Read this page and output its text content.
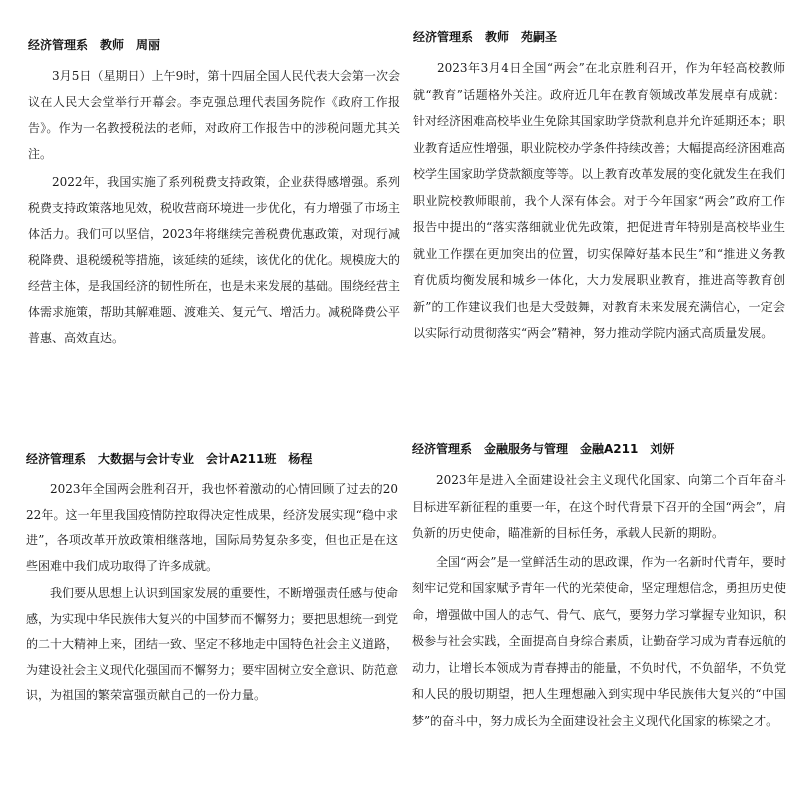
经济管理系　教师　周丽

3月5日（星期日）上午9时，第十四届全国人民代表大会第一次会议在人民大会堂举行开幕会。李克强总理代表国务院作《政府工作报告》。作为一名教授税法的老师，对政府工作报告中的涉税问题尤其关注。

2022年，我国实施了系列税费支持政策，企业获得感增强。系列税费支持政策落地见效，税收营商环境进一步优化，有力增强了市场主体活力。我们可以坚信，2023年将继续完善税费优惠政策，对现行减税降费、退税缓税等措施，该延续的延续，该优化的优化。规模庞大的经营主体，是我国经济的韧性所在，也是未来发展的基础。围绕经营主体需求施策，帮助其解难题、渡难关、复元气、增活力。减税降费公平普惠、高效直达。

经济管理系　教师　苑嗣圣

2023年3月4日全国“两会”在北京胜利召开，作为年轻高校教师就“教育”话题格外关注。政府近几年在教育领域改革发展卓有成就：针对经济困难高校毕业生免除其国家助学贷款利息并允许延期还本；职业教育适应性增强，职业院校办学条件持续改善；大幅提高经济困难高校学生国家助学贷款额度等等。以上教育改革发展的变化就发生在我们职业院校教师眼前，我个人深有体会。对于今年国家“两会”政府工作报告中提出的“落实落细就业优先政策，把促进青年特别是高校毕业生就业工作摆在更加突出的位置，切实保障好基本民生”和“推进义务教育优质均衡发展和城乡一体化，大力发展职业教育，推进高等教育创新”的工作建议我们也是大受鼓舞，对教育未来发展充满信心，一定会以实际行动贯彻落实“两会”精神，努力推动学院内涵式高质量发展。

经济管理系　大数据与会计专业　会计A211班　杨程

2023年全国两会胜利召开，我也怀着激动的心情回顾了过去的2022年。这一年里我国疫情防控取得决定性成果，经济发展实现“稳中求进”，各项改革开放政策相继落地，国际局势复杂多变，但也正是在这些困难中我们成功取得了许多成就。

我们要从思想上认识到国家发展的重要性，不断增强责任感与使命感，为实现中华民族伟大复兴的中国梦而不懈努力；要把思想统一到党的二十大精神上来，团结一致、坚定不移地走中国特色社会主义道路，为建设社会主义现代化强国而不懈努力；要牢固树立安全意识、防范意识，为祖国的繁荣富强贡献自己的一份力量。

经济管理系　金融服务与管理　金融A211　刘妍

2023年是进入全面建设社会主义现代化国家、向第二个百年奋斗目标进军新征程的重要一年，在这个时代背景下召开的全国“两会”，肩负新的历史使命，瞄准新的目标任务，承载人民新的期盼。

全国“两会”是一堂鲜活生动的思政课，作为一名新时代青年，要时刻牢记党和国家赋予青年一代的光荣使命，坚定理想信念，勇担历史使命，增强做中国人的志气、骨气、底气，要努力学习掌握专业知识，积极参与社会实践，全面提高自身综合素质，让勤奋学习成为青春远航的动力，让增长本领成为青春搏击的能量，不负时代，不负韶华，不负党和人民的殷切期望，把人生理想融入到实现中华民族伟大复兴的“中国梦”的奋斗中，努力成长为全面建设社会主义现代化国家的栋梁之才。
